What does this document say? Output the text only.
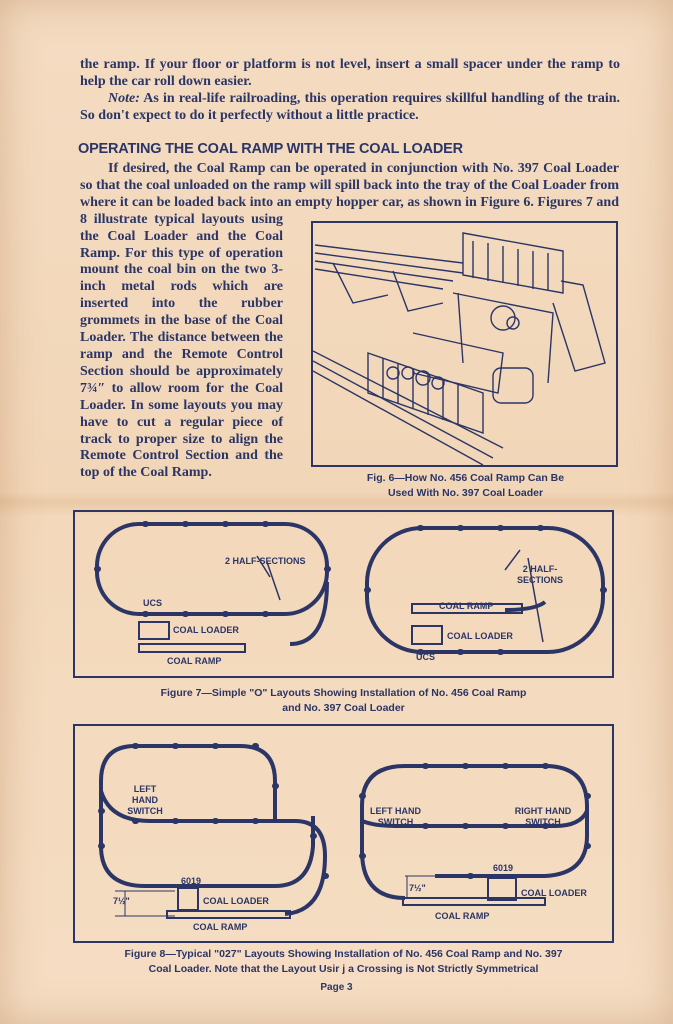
the ramp. If your floor or platform is not level, insert a small spacer under the ramp to help the car roll down easier.

Note: As in real-life railroading, this operation requires skillful handling of the train. So don't expect to do it perfectly without a little practice.

OPERATING THE COAL RAMP WITH THE COAL LOADER
Fig. 6—How No. 456 Coal Ramp Can Be
Used With No. 397 Coal Loader

If desired, the Coal Ramp can be operated in conjunction with No. 397 Coal Loader so that the coal unloaded on the ramp will spill back into the tray of the Coal Loader from where it can be loaded back into an empty hopper car, as shown in Figure 6. Figures 7 and 8 illustrate typical layouts using the Coal Loader and the Coal Ramp. For this type of operation mount the coal bin on the two 3-inch metal rods which are inserted into the rubber grommets in the base of the Coal Loader. The distance between the ramp and the Remote Control Section should be approximately 7¾″ to allow room for the Coal Loader. In some layouts you may have to cut a regular piece of track to proper size to align the Remote Control Section and the top of the Coal Ramp.

2 HALF-SECTIONS
UCS
COAL LOADER
COAL RAMP
2 HALF-SECTIONS
COAL RAMP
COAL LOADER
UCS
Figure 7—Simple "O" Layouts Showing Installation of No. 456 Coal Ramp
and No. 397 Coal Loader
LEFT HAND SWITCH
6019
7½"	COAL LOADER
COAL RAMP
LEFT HAND SWITCH
RIGHT HAND SWITCH
6019
7½"	COAL LOADER
COAL RAMP
Figure 8—Typical "027" Layouts Showing Installation of No. 456 Coal Ramp and No. 397
Coal Loader. Note that the Layout Usir j a Crossing is Not Strictly Symmetrical
Page 3
